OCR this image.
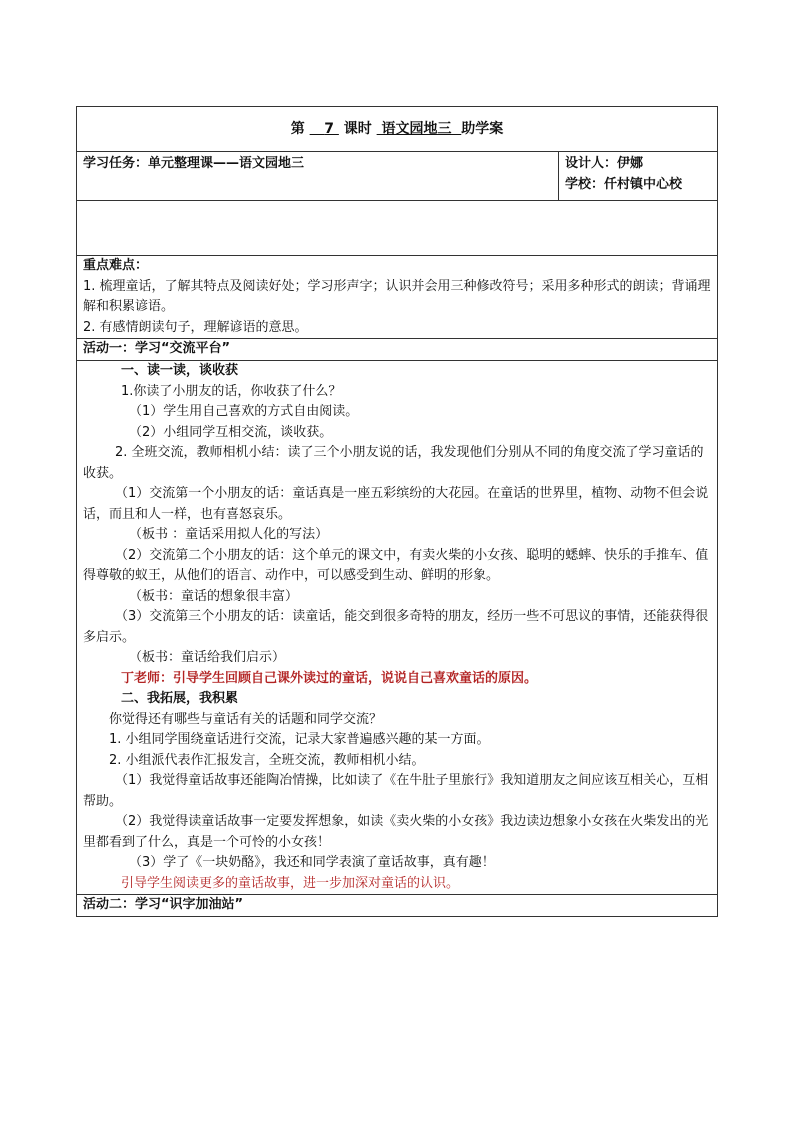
第 7 课时 语文园地三 助学案
学习任务：单元整理课——语文园地三	设计人：伊娜
学校：仟村镇中心校

重点难点：

1. 梳理童话，了解其特点及阅读好处；学习形声字；认识并会用三种修改符号；采用多种形式的朗读；背诵理解和积累谚语。

2. 有感情朗读句子，理解谚语的意思。

活动一：学习“交流平台”

一、读一读，谈收获

1.你读了小朋友的话，你收获了什么？

（1）学生用自己喜欢的方式自由阅读。

（2）小组同学互相交流，谈收获。

2. 全班交流，教师相机小结：读了三个小朋友说的话，我发现他们分别从不同的角度交流了学习童话的收获。

（1）交流第一个小朋友的话：童话真是一座五彩缤纷的大花园。在童话的世界里，植物、动物不但会说话，而且和人一样，也有喜怒哀乐。

（板书 ：童话采用拟人化的写法）

（2）交流第二个小朋友的话：这个单元的课文中，有卖火柴的小女孩、聪明的蟋蟀、快乐的手推车、值得尊敬的蚁王，从他们的语言、动作中，可以感受到生动、鲜明的形象。

（板书：童话的想象很丰富）

（3）交流第三个小朋友的话：读童话，能交到很多奇特的朋友，经历一些不可思议的事情，还能获得很多启示。

（板书：童话给我们启示）

丁老师：引导学生回顾自己课外读过的童话，说说自己喜欢童话的原因。

二、我拓展，我积累

你觉得还有哪些与童话有关的话题和同学交流？

1. 小组同学围绕童话进行交流，记录大家普遍感兴趣的某一方面。

2. 小组派代表作汇报发言，全班交流，教师相机小结。

（1）我觉得童话故事还能陶冶情操，比如读了《在牛肚子里旅行》我知道朋友之间应该互相关心，互相帮助。

（2）我觉得读童话故事一定要发挥想象，如读《卖火柴的小女孩》我边读边想象小女孩在火柴发出的光里都看到了什么，真是一个可怜的小女孩！

（3）学了《一块奶酪》，我还和同学表演了童话故事，真有趣！

引导学生阅读更多的童话故事，进一步加深对童话的认识。

活动二：学习“识字加油站”
